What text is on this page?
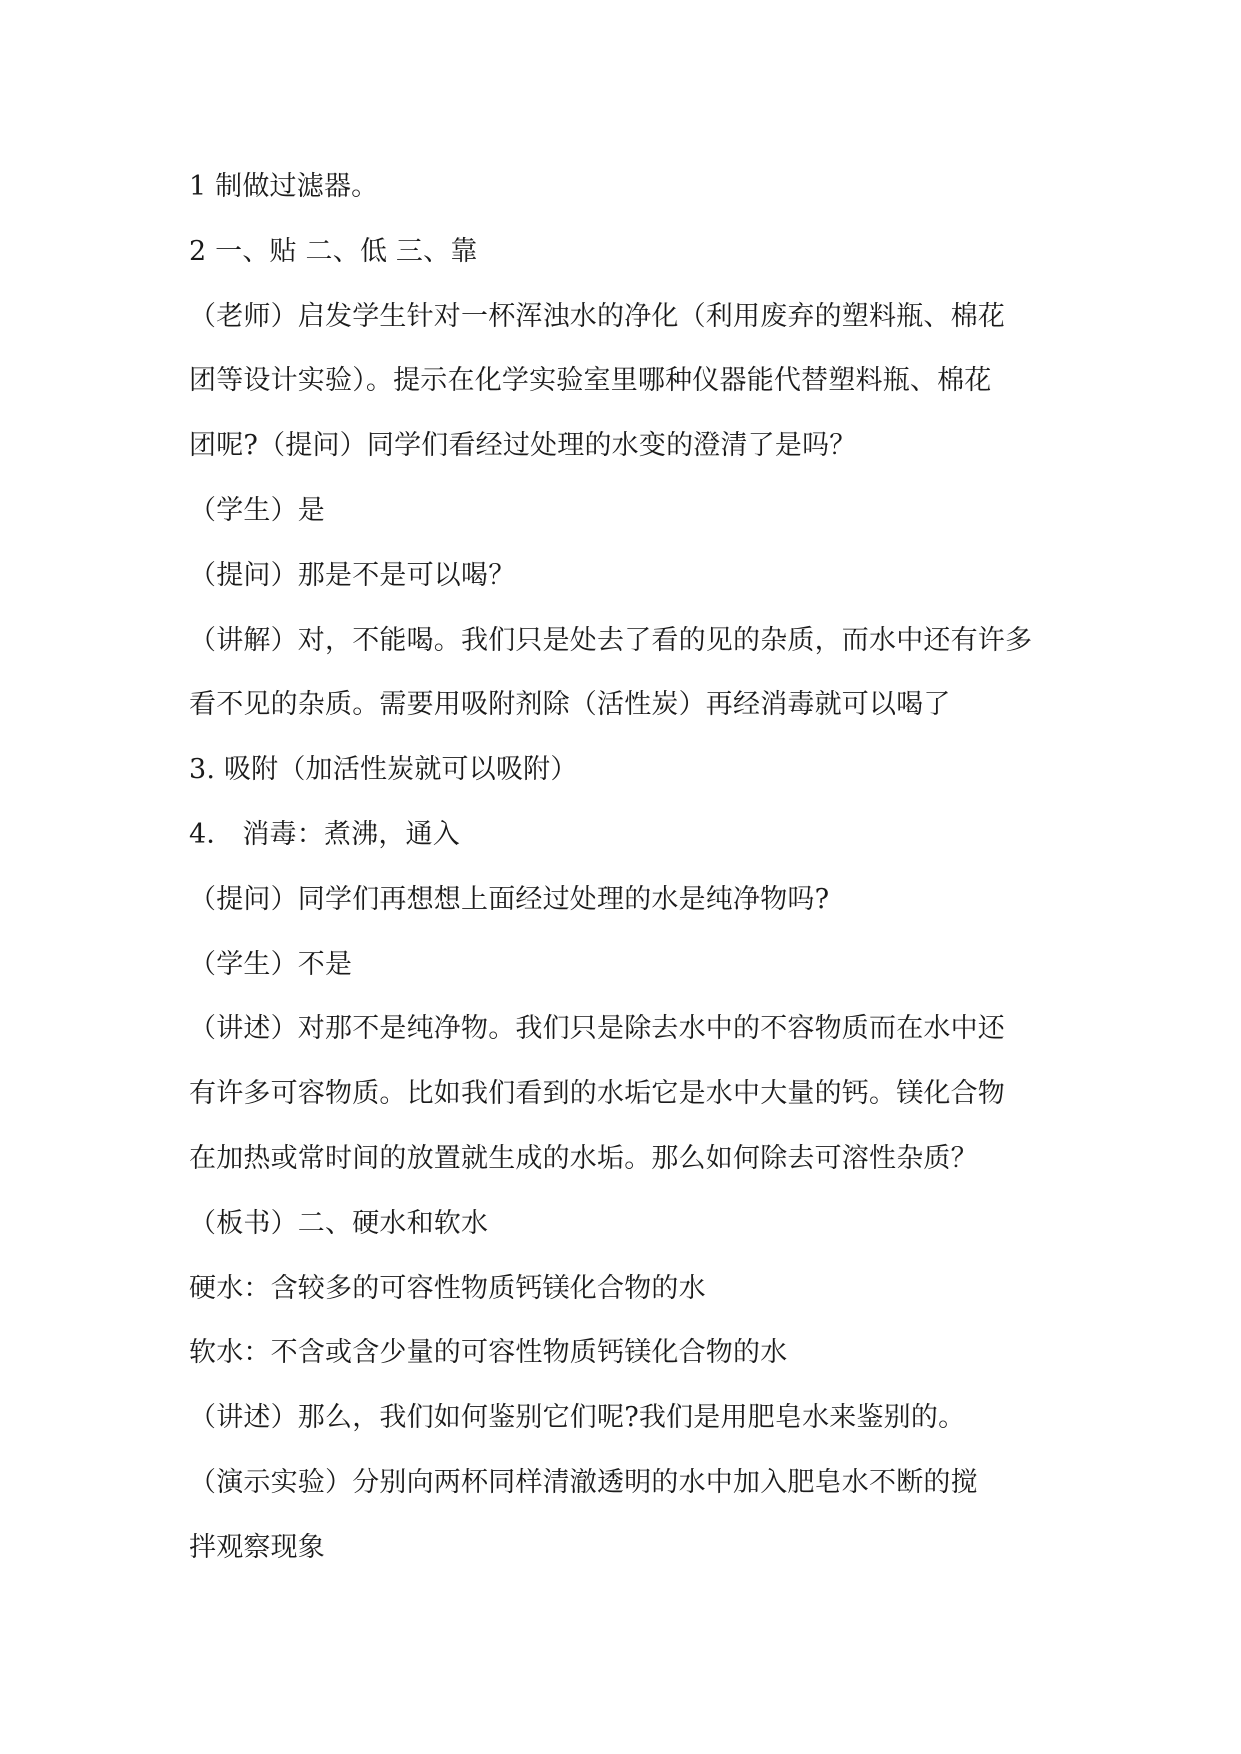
1 制做过滤器。
2 一、贴 二、低 三、靠
（老师）启发学生针对一杯浑浊水的净化（利用废弃的塑料瓶、棉花
团等设计实验）。提示在化学实验室里哪种仪器能代替塑料瓶、棉花
团呢?（提问）同学们看经过处理的水变的澄清了是吗？
（学生）是
（提问）那是不是可以喝？
（讲解）对，不能喝。我们只是处去了看的见的杂质，而水中还有许多
看不见的杂质。需要用吸附剂除（活性炭）再经消毒就可以喝了
3. 吸附（加活性炭就可以吸附）
4． 消毒：煮沸，通入
（提问）同学们再想想上面经过处理的水是纯净物吗?
（学生）不是
（讲述）对那不是纯净物。我们只是除去水中的不容物质而在水中还
有许多可容物质。比如我们看到的水垢它是水中大量的钙。镁化合物
在加热或常时间的放置就生成的水垢。那么如何除去可溶性杂质？
（板书）二、硬水和软水
硬水：含较多的可容性物质钙镁化合物的水
软水：不含或含少量的可容性物质钙镁化合物的水
（讲述）那么，我们如何鉴别它们呢?我们是用肥皂水来鉴别的。
（演示实验）分别向两杯同样清澈透明的水中加入肥皂水不断的搅
拌观察现象
